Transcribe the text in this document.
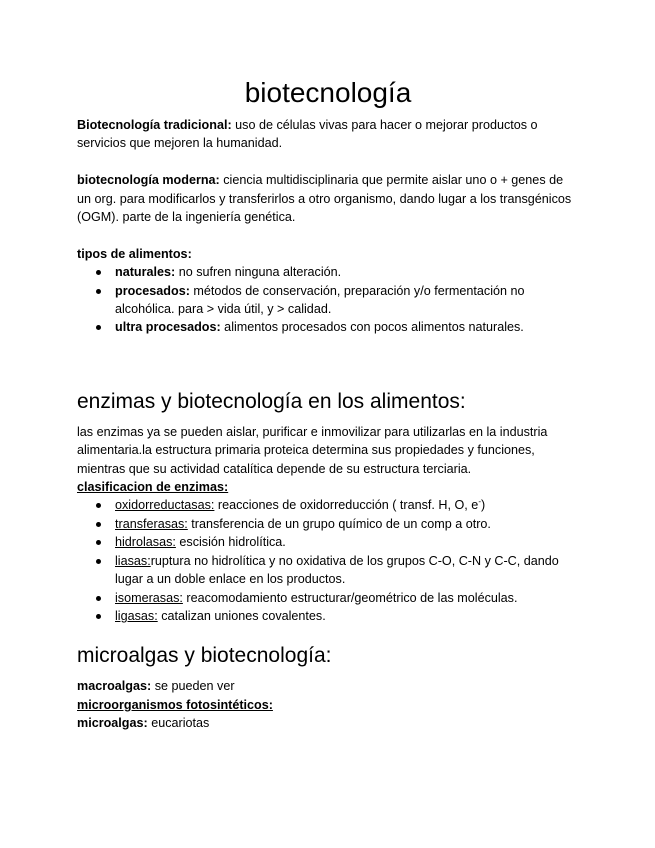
biotecnología

Biotecnología tradicional: uso de células vivas para hacer o mejorar productos o servicios que mejoren la humanidad.

biotecnología moderna: ciencia multidisciplinaria que permite aislar uno o + genes de un org. para modificarlos y transferirlos a otro organismo, dando lugar a los transgénicos (OGM). parte de la ingeniería genética.

tipos de alimentos:

naturales: no sufren ninguna alteración.
procesados: métodos de conservación, preparación y/o fermentación no alcohólica. para > vida útil, y > calidad.
ultra procesados: alimentos procesados con pocos alimentos naturales.
enzimas y biotecnología en los alimentos:

las enzimas ya se pueden aislar, purificar e inmovilizar para utilizarlas en la industria alimentaria.la estructura primaria proteica determina sus propiedades y funciones, mientras que su actividad catalítica depende de su estructura terciaria.

clasificacion de enzimas:

oxidorreductasas: reacciones de oxidorreducción ( transf. H, O, e-)
transferasas: transferencia de un grupo químico de un comp a otro.
hidrolasas: escisión hidrolítica.
liasas:ruptura no hidrolítica y no oxidativa de los grupos C-O, C-N y C-C, dando lugar a un doble enlace en los productos.
isomerasas: reacomodamiento estructurar/geométrico de las moléculas.
ligasas: catalizan uniones covalentes.
microalgas y biotecnología:

macroalgas: se pueden ver

microorganismos fotosintéticos:

microalgas: eucariotas
